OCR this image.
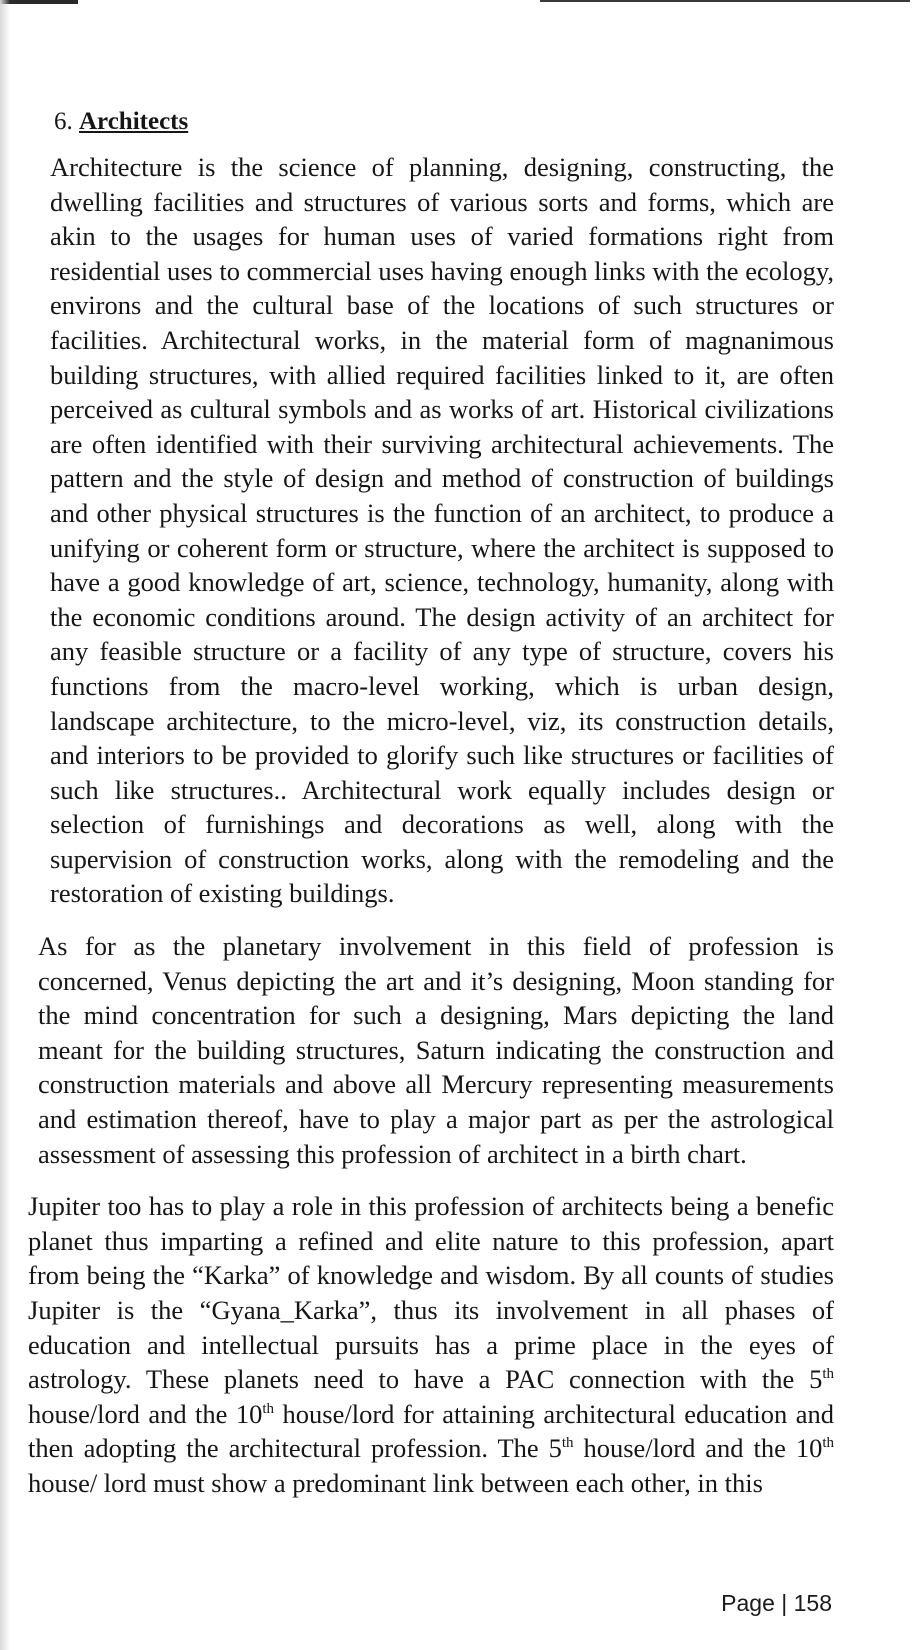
6. Architects

Architecture is the science of planning, designing, constructing, the dwelling facilities and structures of various sorts and forms, which are akin to the usages for human uses of varied formations right from residential uses to commercial uses having enough links with the ecology, environs and the cultural base of the locations of such structures or facilities. Architectural works, in the material form of magnanimous building structures, with allied required facilities linked to it, are often perceived as cultural symbols and as works of art. Historical civilizations are often identified with their surviving architectural achievements. The pattern and the style of design and method of construction of buildings and other physical structures is the function of an architect, to produce a unifying or coherent form or structure, where the architect is supposed to have a good knowledge of art, science, technology, humanity, along with the economic conditions around. The design activity of an architect for any feasible structure or a facility of any type of structure, covers his functions from the macro-level working, which is urban design, landscape architecture, to the micro-level, viz, its construction details, and interiors to be provided to glorify such like structures or facilities of such like structures.. Architectural work equally includes design or selection of furnishings and decorations as well, along with the supervision of construction works, along with the remodeling and the restoration of existing buildings.

As for as the planetary involvement in this field of profession is concerned, Venus depicting the art and it’s designing, Moon standing for the mind concentration for such a designing, Mars depicting the land meant for the building structures, Saturn indicating the construction and construction materials and above all Mercury representing measurements and estimation thereof, have to play a major part as per the astrological assessment of assessing this profession of architect in a birth chart.

Jupiter too has to play a role in this profession of architects being a benefic planet thus imparting a refined and elite nature to this profession, apart from being the “Karka” of knowledge and wisdom. By all counts of studies Jupiter is the “Gyana_Karka”, thus its involvement in all phases of education and intellectual pursuits has a prime place in the eyes of astrology. These planets need to have a PAC connection with the 5th house/lord and the 10th house/lord for attaining architectural education and then adopting the architectural profession. The 5th house/lord and the 10th house/ lord must show a predominant link between each other, in this

Page | 158
